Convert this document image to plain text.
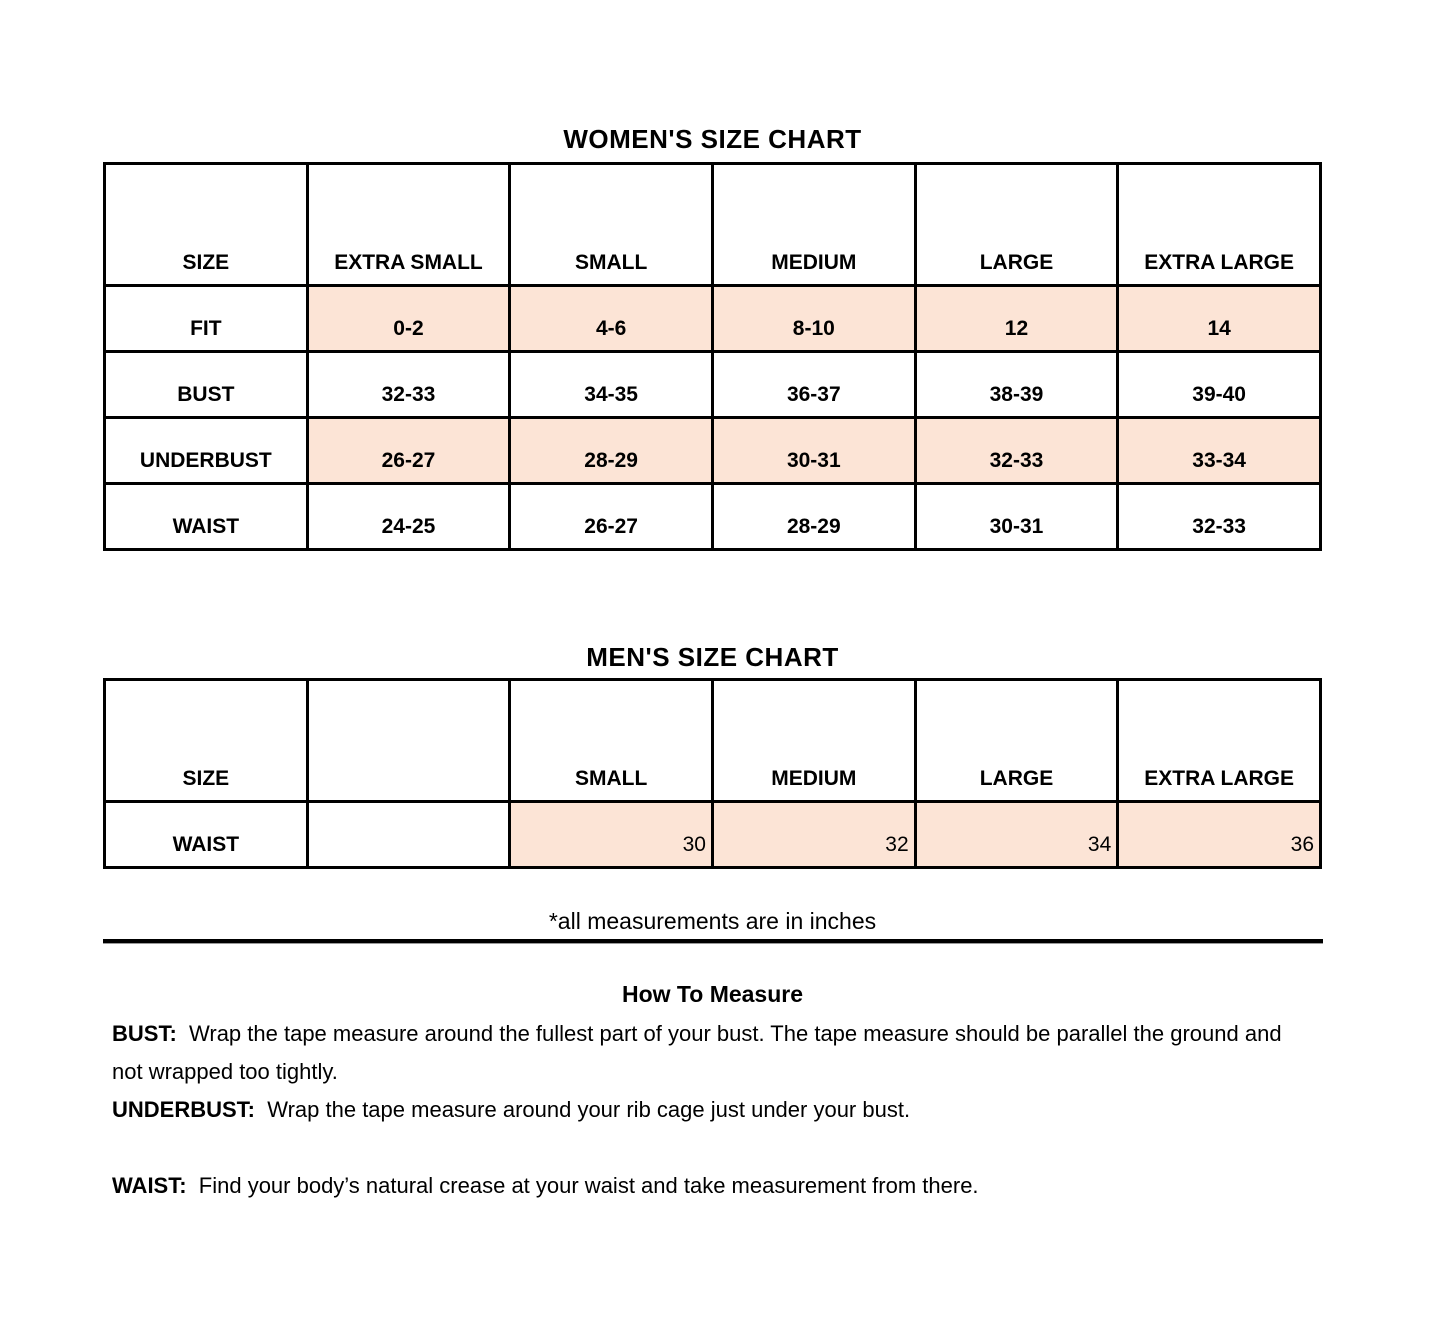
WOMEN'S SIZE CHART
SIZE	EXTRA SMALL	SMALL	MEDIUM	LARGE	EXTRA LARGE
FIT	0-2	4-6	8-10	12	14
BUST	32-33	34-35	36-37	38-39	39-40
UNDERBUST	26-27	28-29	30-31	32-33	33-34
WAIST	24-25	26-27	28-29	30-31	32-33
MEN'S SIZE CHART
SIZE		SMALL	MEDIUM	LARGE	EXTRA LARGE
WAIST		30	32	34	36
*all measurements are in inches
How To Measure

BUST:  Wrap the tape measure around the fullest part of your bust. The tape measure should be parallel the ground and not wrapped too tightly.

UNDERBUST:  Wrap the tape measure around your rib cage just under your bust.

WAIST:  Find your body’s natural crease at your waist and take measurement from there.
